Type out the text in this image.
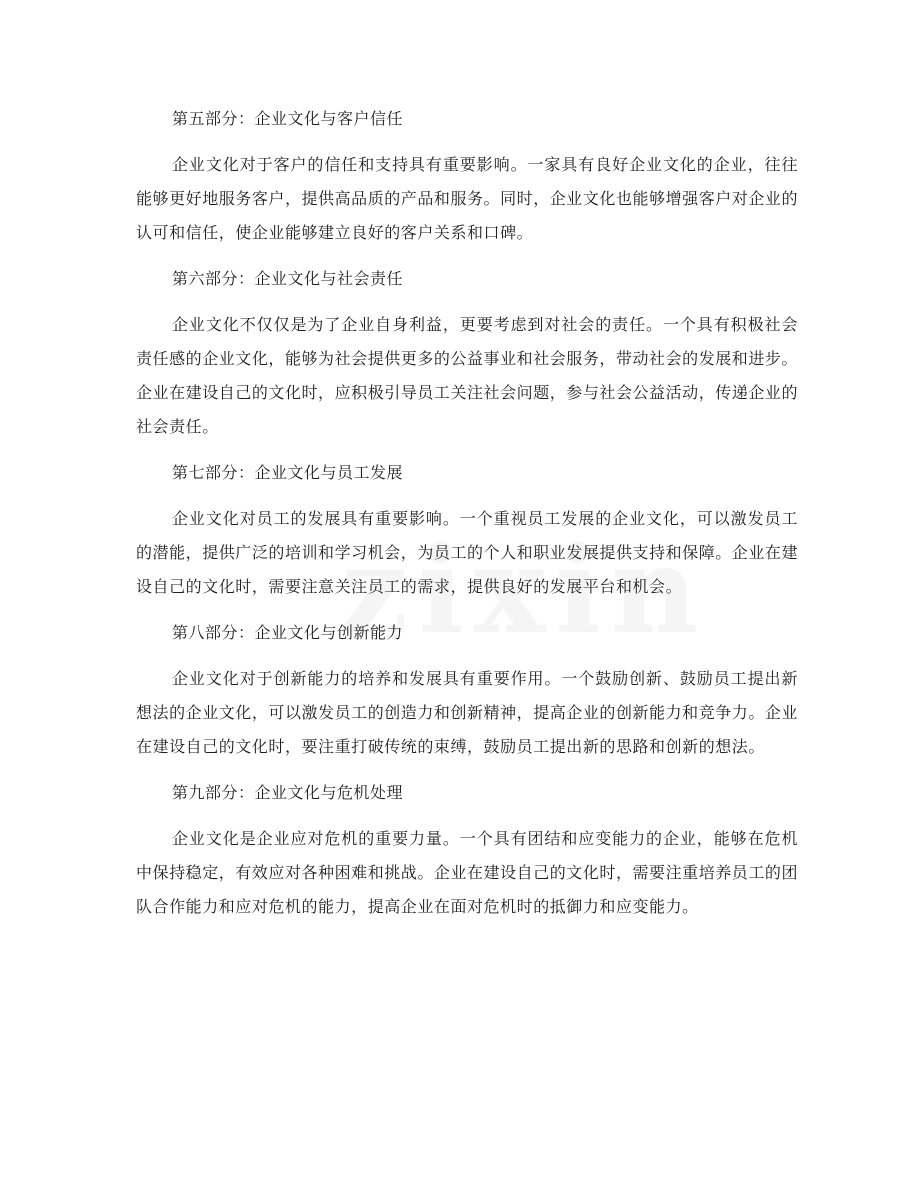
第五部分：企业文化与客户信任

企业文化对于客户的信任和支持具有重要影响。一家具有良好企业文化的企业，往往能够更好地服务客户，提供高品质的产品和服务。同时，企业文化也能够增强客户对企业的认可和信任，使企业能够建立良好的客户关系和口碑。

第六部分：企业文化与社会责任

企业文化不仅仅是为了企业自身利益，更要考虑到对社会的责任。一个具有积极社会责任感的企业文化，能够为社会提供更多的公益事业和社会服务，带动社会的发展和进步。企业在建设自己的文化时，应积极引导员工关注社会问题，参与社会公益活动，传递企业的社会责任。

第七部分：企业文化与员工发展

企业文化对员工的发展具有重要影响。一个重视员工发展的企业文化，可以激发员工的潜能，提供广泛的培训和学习机会，为员工的个人和职业发展提供支持和保障。企业在建设自己的文化时，需要注意关注员工的需求，提供良好的发展平台和机会。

第八部分：企业文化与创新能力

企业文化对于创新能力的培养和发展具有重要作用。一个鼓励创新、鼓励员工提出新想法的企业文化，可以激发员工的创造力和创新精神，提高企业的创新能力和竞争力。企业在建设自己的文化时，要注重打破传统的束缚，鼓励员工提出新的思路和创新的想法。

第九部分：企业文化与危机处理

企业文化是企业应对危机的重要力量。一个具有团结和应变能力的企业，能够在危机中保持稳定，有效应对各种困难和挑战。企业在建设自己的文化时，需要注重培养员工的团队合作能力和应对危机的能力，提高企业在面对危机时的抵御力和应变能力。
